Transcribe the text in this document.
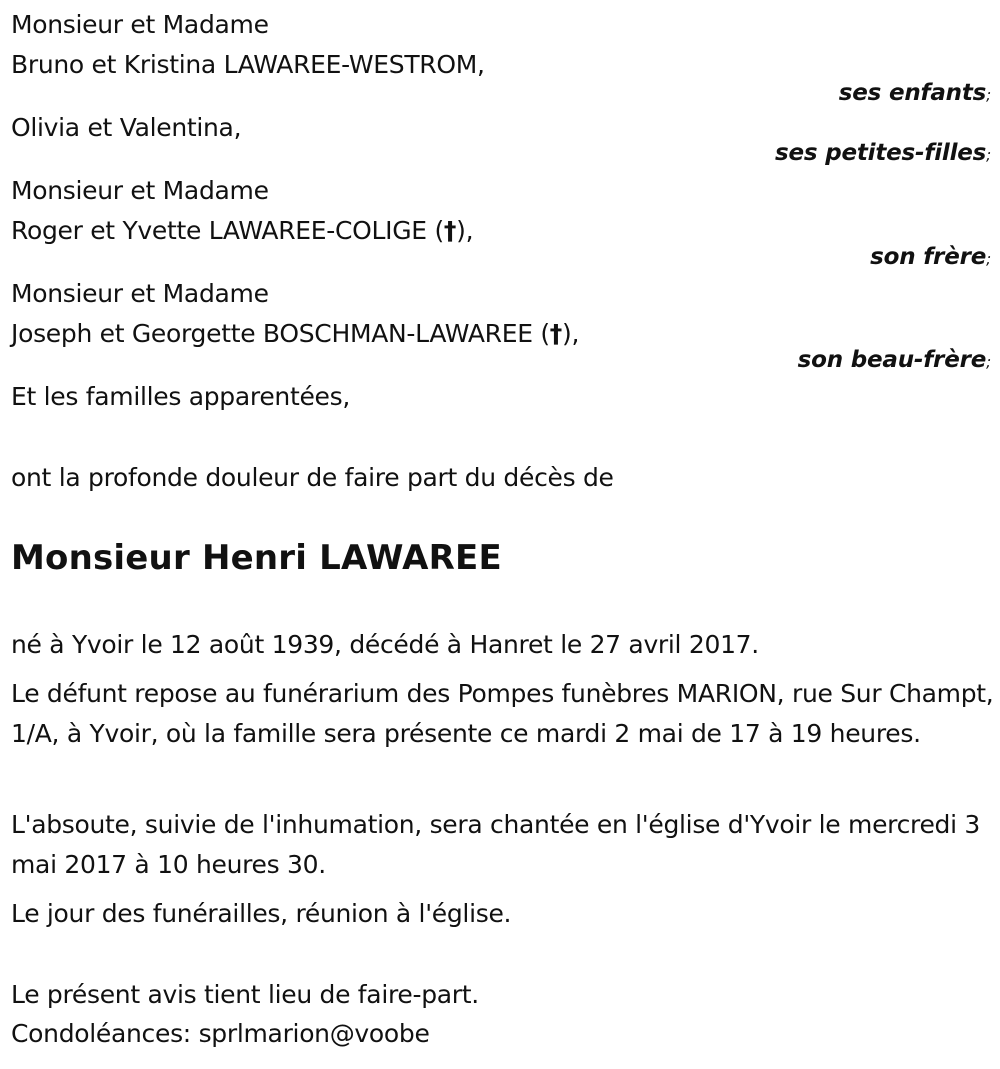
Monsieur et Madame
Bruno et Kristina LAWAREE-WESTROM,
ses enfants;
Olivia et Valentina,
ses petites-filles;
Monsieur et Madame
Roger et Yvette LAWAREE-COLIGE (†),
son frère;
Monsieur et Madame
Joseph et Georgette BOSCHMAN-LAWAREE (†),
son beau-frère;
Et les familles apparentées,
ont la profonde douleur de faire part du décès de
Monsieur Henri LAWAREE
né à Yvoir le 12 août 1939, décédé à Hanret le 27 avril 2017.
Le défunt repose au funérarium des Pompes funèbres MARION, rue Sur Champt, 1/A, à Yvoir, où la famille sera présente ce mardi 2 mai de 17 à 19 heures.
L'absoute, suivie de l'inhumation, sera chantée en l'église d'Yvoir le mercredi 3 mai 2017 à 10 heures 30.
Le jour des funérailles, réunion à l'église.
Le présent avis tient lieu de faire-part.
Condoléances: sprlmarion@voobe
